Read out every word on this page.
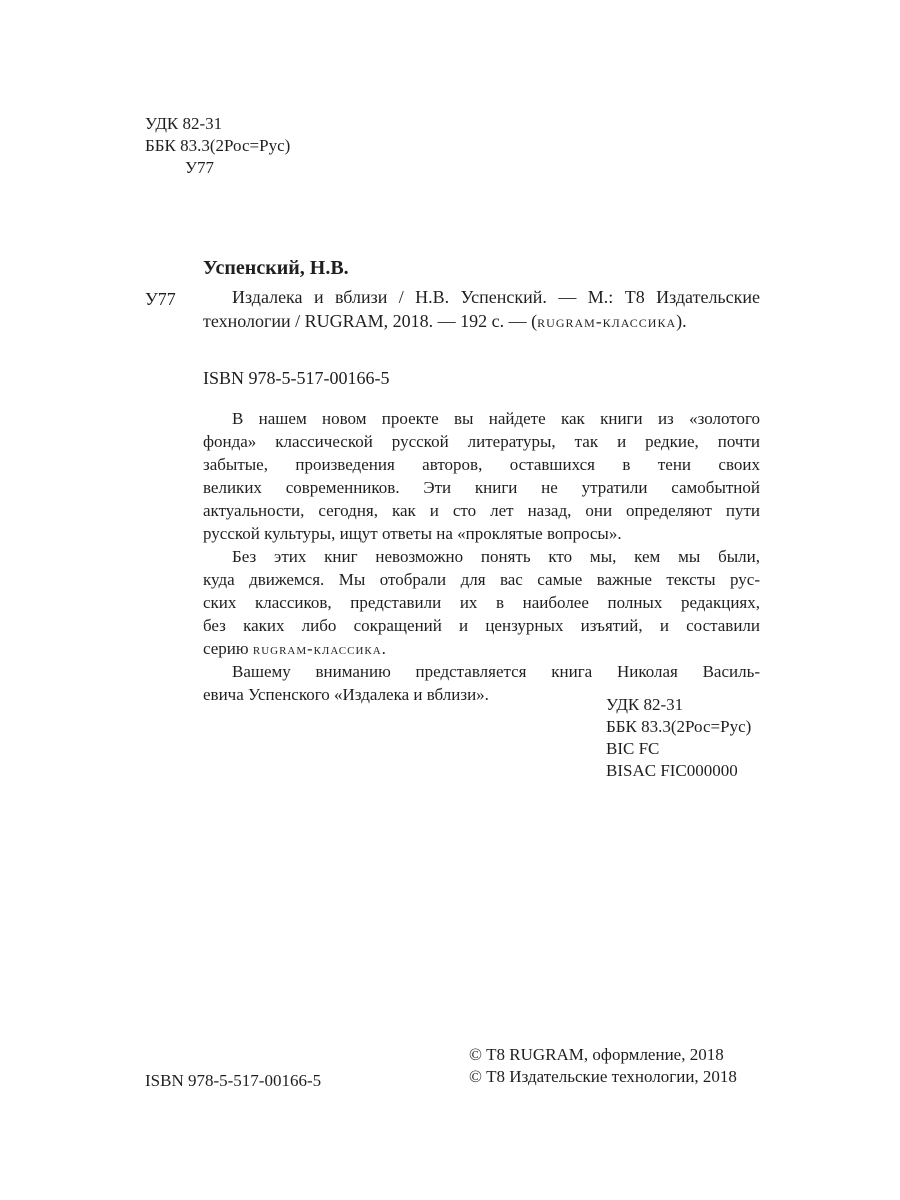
УДК 82-31
ББК 83.3(2Рос=Рус)
У77
Успенский, Н.В.
У77	Издалека и вблизи / Н.В. Успенский. — М.: Т8 Издательские
технологии / RUGRAM, 2018. — 192 с. — (rugram-классика).
ISBN 978-5-517-00166-5
В нашем новом проекте вы найдете как книги из «золотого
фонда» классической русской литературы, так и редкие, почти
забытые, произведения авторов, оставшихся в тени своих
великих современников. Эти книги не утратили самобытной
актуальности, сегодня, как и сто лет назад, они определяют пути
русской культуры, ищут ответы на «проклятые вопросы».
Без этих книг невозможно понять кто мы, кем мы были,
куда движемся. Мы отобрали для вас самые важные тексты рус-
ских классиков, представили их в наиболее полных редакциях,
без каких либо сокращений и цензурных изъятий, и составили
серию rugram-классика.
Вашему вниманию представляется книга Николая Василь-
евича Успенского «Издалека и вблизи».
УДК 82-31
ББК 83.3(2Рос=Рус)
BIC FC
BISAC FIC000000
ISBN 978-5-517-00166-5
© Т8 RUGRAM, оформление, 2018
© Т8 Издательские технологии, 2018
